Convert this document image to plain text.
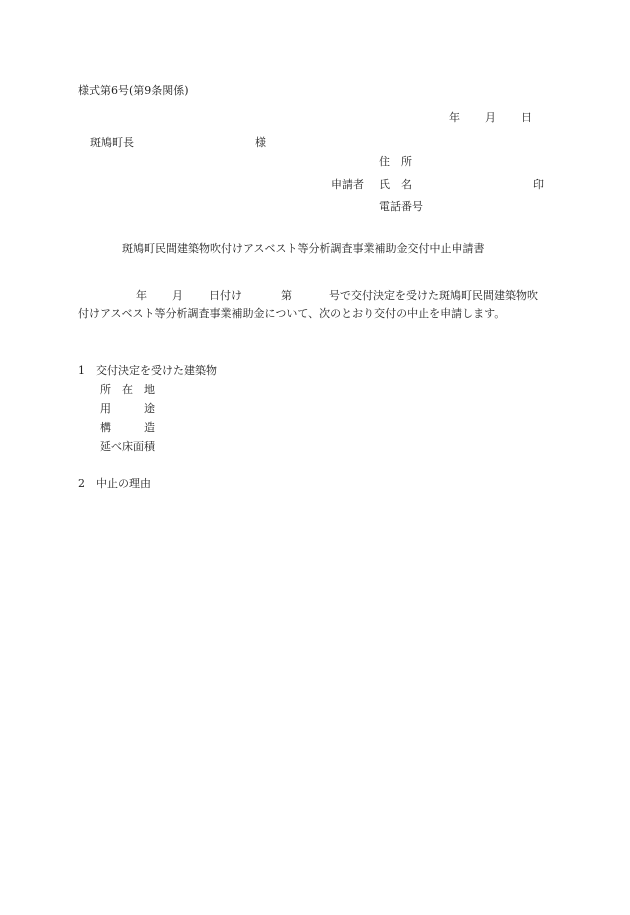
様式第6号(第9条関係)
年 月 日
斑鳩町長	様
住　所
申請者 氏　名	印
電話番号
斑鳩町民間建築物吹付けアスベスト等分析調査事業補助金交付中止申請書
年 月 日付け	第	号で交付決定を受けた斑鳩町民間建築物吹
付けアスベスト等分析調査事業補助金について、次のとおり交付の中止を申請します。
1　交付決定を受けた建築物
所　在　地
用　　　途
構　　　造
延べ床面積
2　中止の理由
